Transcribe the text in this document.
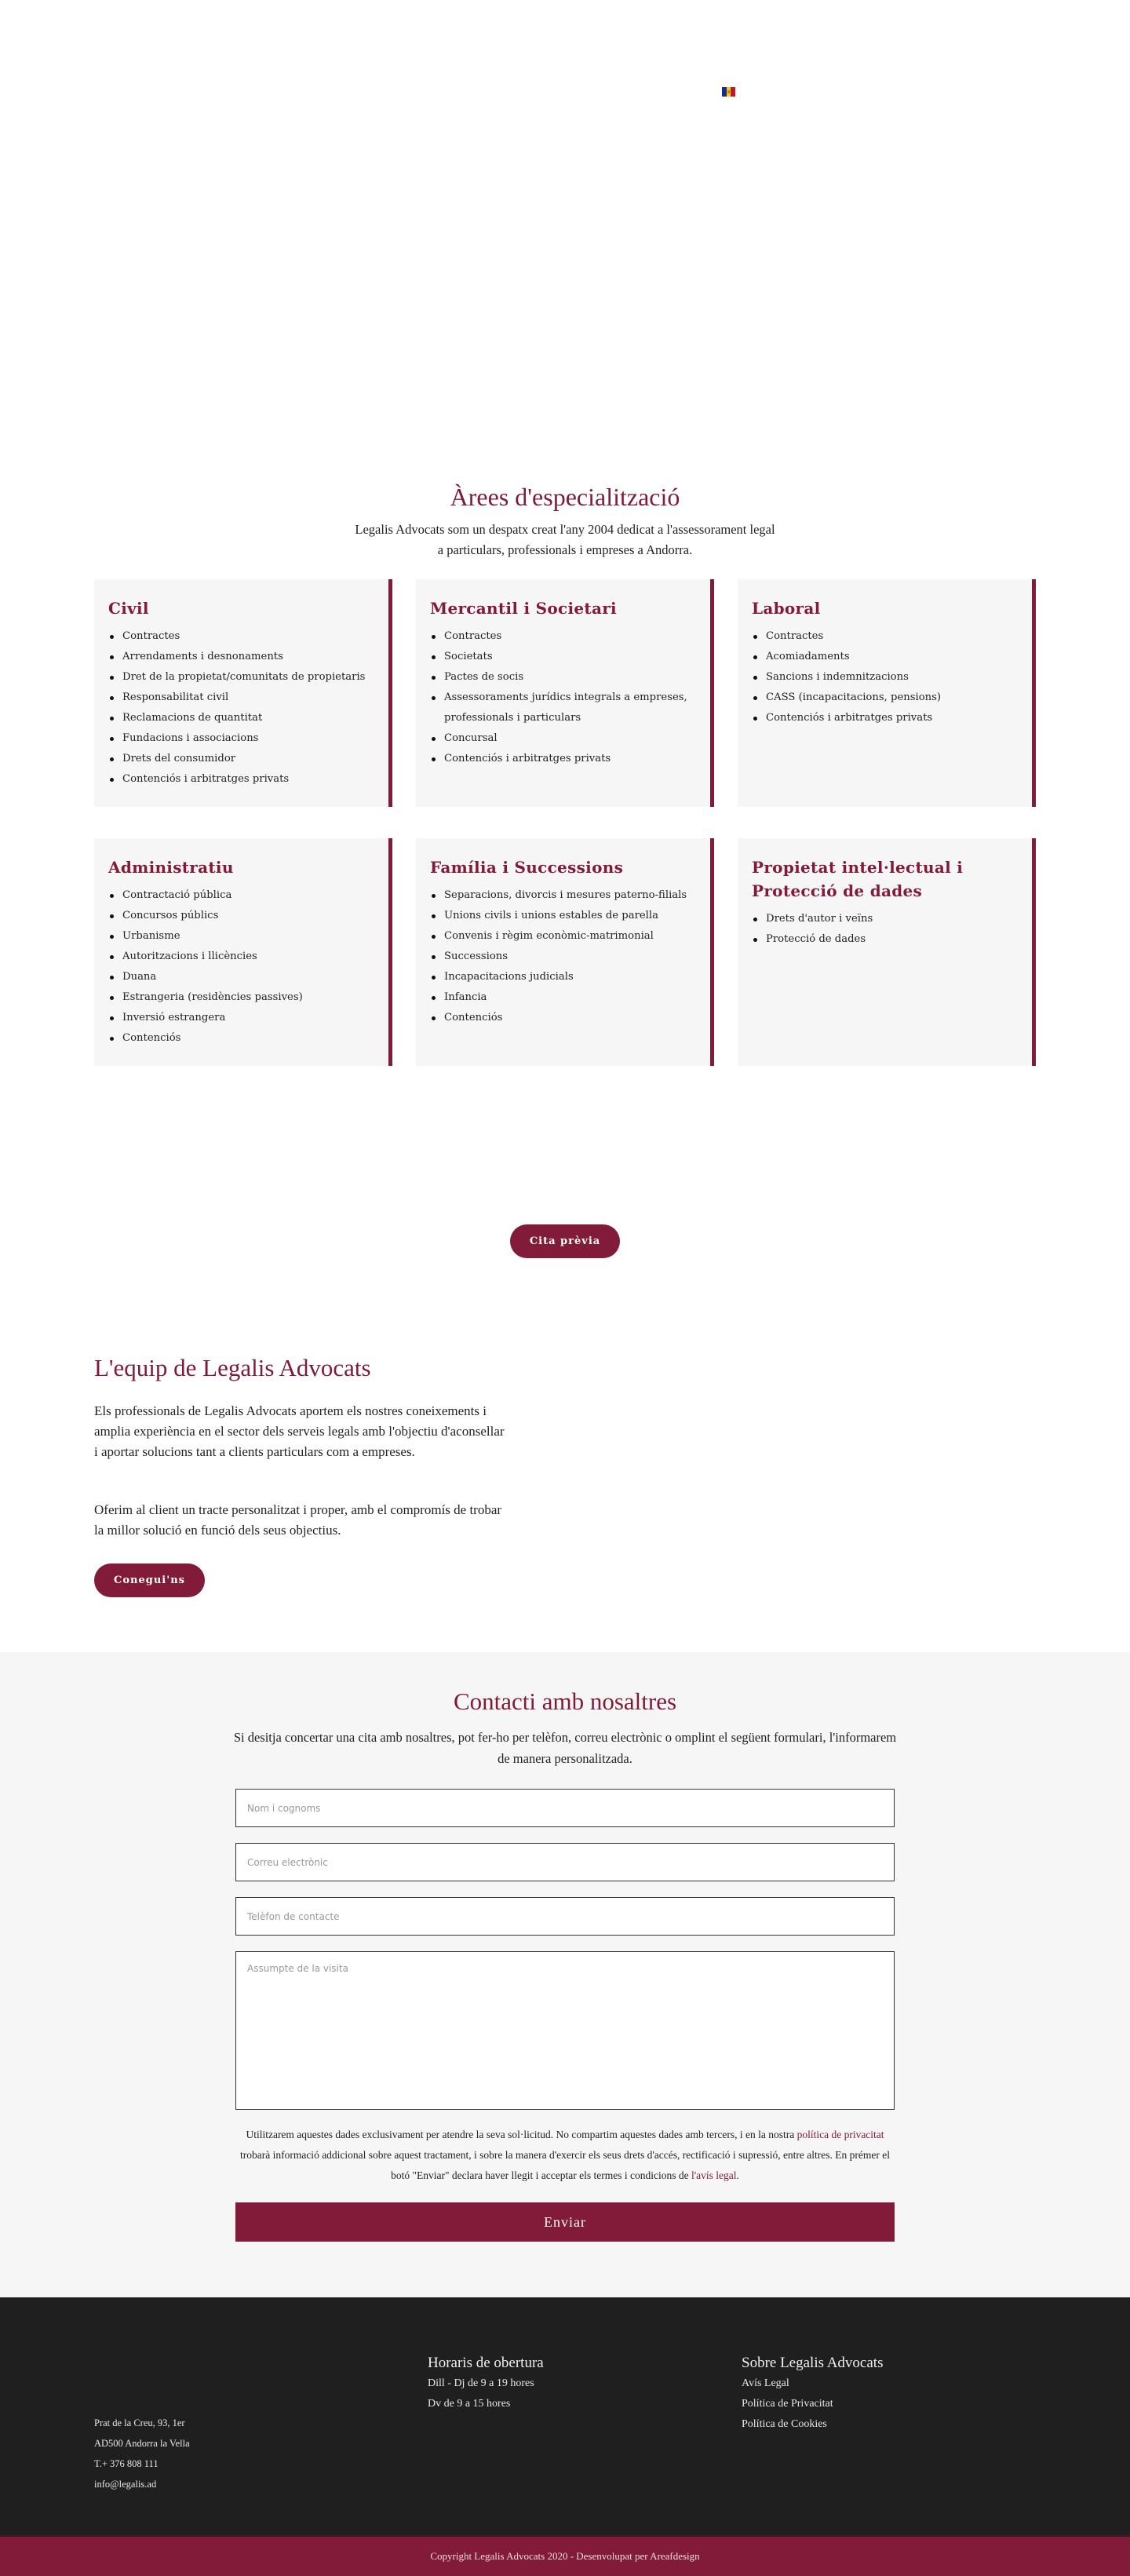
Àrees d'especialització
Legalis Advocats som un despatx creat l'any 2004 dedicat a l'assessorament legal
a particulars, professionals i empreses a Andorra.
Civil
Contractes
Arrendaments i desnonaments
Dret de la propietat/comunitats de propietaris
Responsabilitat civil
Reclamacions de quantitat
Fundacions i associacions
Drets del consumidor
Contenciós i arbitratges privats
Mercantil i Societari
Contractes
Societats
Pactes de socis
Assessoraments jurídics integrals a empreses, professionals i particulars
Concursal
Contenciós i arbitratges privats
Laboral
Contractes
Acomiadaments
Sancions i indemnitzacions
CASS (incapacitacions, pensions)
Contenciós i arbitratges privats
Administratiu
Contractació pública
Concursos públics
Urbanisme
Autoritzacions i llicències
Duana
Estrangeria (residències passives)
Inversió estrangera
Contenciós
Família i Successions
Separacions, divorcis i mesures paterno-filials
Unions civils i unions estables de parella
Convenis i règim econòmic-matrimonial
Successions
Incapacitacions judicials
Infancia
Contenciós
Propietat intel·lectual i Protecció de dades
Drets d'autor i veïns
Protecció de dades
Cita prèvia
L'equip de Legalis Advocats

Els professionals de Legalis Advocats aportem els nostres coneixements i amplia experiència en el sector dels serveis legals amb l'objectiu d'aconsellar i aportar solucions tant a clients particulars com a empreses.

Oferim al client un tracte personalitzat i proper, amb el compromís de trobar la millor solució en funció dels seus objectius.

Conegui'ns
Contacti amb nosaltres

Si desitja concertar una cita amb nosaltres, pot fer-ho per telèfon, correu electrònic o omplint el següent formulari, l'informarem de manera personalitzada.

Nom i cognoms
Correu electrònic
Telèfon de contacte
Assumpte de la visita

Utilitzarem aquestes dades exclusivament per atendre la seva sol·licitud. No compartim aquestes dades amb tercers, i en la nostra política de privacitat trobarà informació addicional sobre aquest tractament, i sobre la manera d'exercir els seus drets d'accés, rectificació i supressió, entre altres. En prémer el botó "Enviar" declara haver llegit i acceptar els termes i condicions de l'avís legal.

Enviar
Prat de la Creu, 93, 1er
AD500 Andorra la Vella
T.+ 376 808 111
info@legalis.ad
Horaris de obertura
Dill - Dj de 9 a 19 hores
Dv de 9 a 15 hores
Sobre Legalis Advocats
Avís Legal
Política de Privacitat
Política de Cookies
Copyright Legalis Advocats 2020 - Desenvolupat per Areafdesign
